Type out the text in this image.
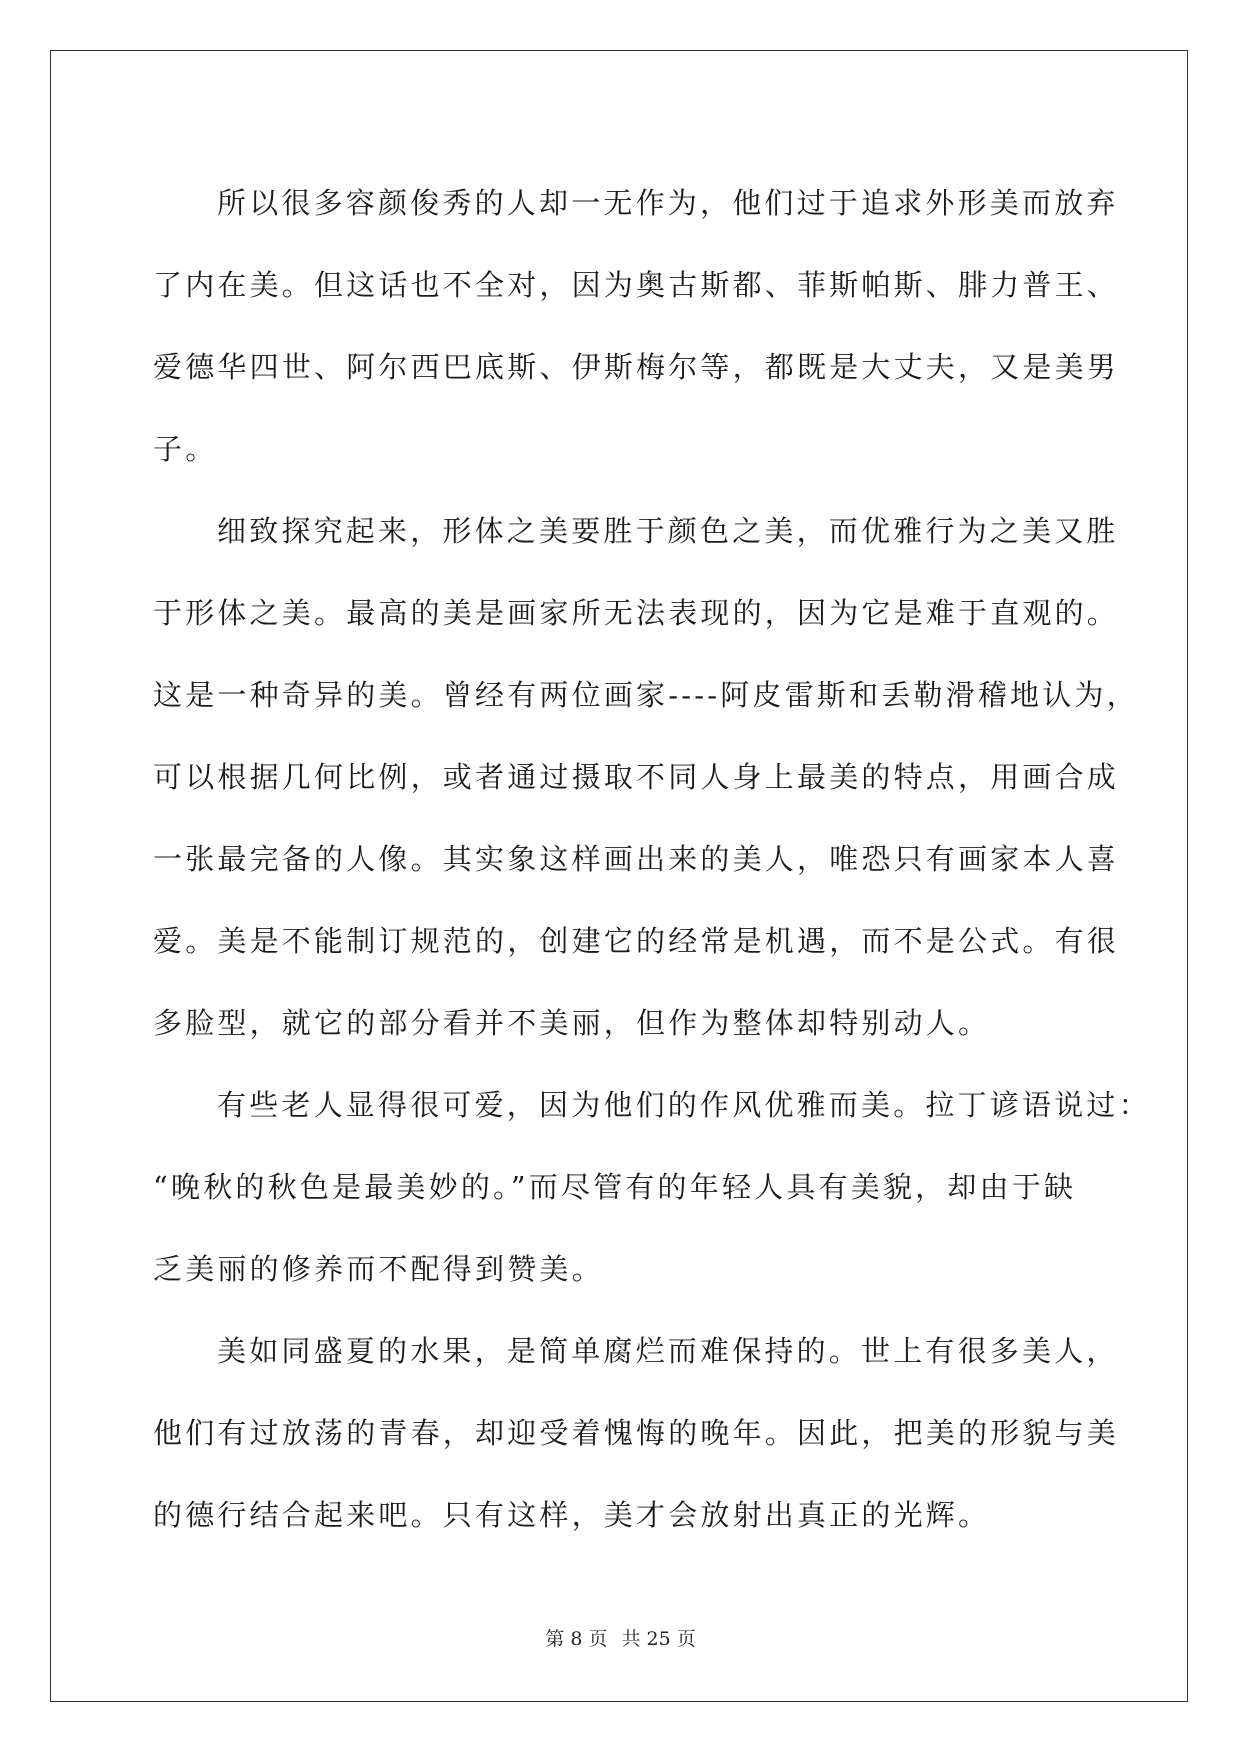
所以很多容颜俊秀的人却一无作为，他们过于追求外形美而放弃
了内在美。但这话也不全对，因为奥古斯都、菲斯帕斯、腓力普王、
爱德华四世、阿尔西巴底斯、伊斯梅尔等，都既是大丈夫，又是美男
子。
细致探究起来，形体之美要胜于颜色之美，而优雅行为之美又胜
于形体之美。最高的美是画家所无法表现的，因为它是难于直观的。
这是一种奇异的美。曾经有两位画家----阿皮雷斯和丢勒滑稽地认为，
可以根据几何比例，或者通过摄取不同人身上最美的特点，用画合成
一张最完备的人像。其实象这样画出来的美人，唯恐只有画家本人喜
爱。美是不能制订规范的，创建它的经常是机遇，而不是公式。有很
多脸型，就它的部分看并不美丽，但作为整体却特别动人。
有些老人显得很可爱，因为他们的作风优雅而美。拉丁谚语说过：
“晚秋的秋色是最美妙的。”而尽管有的年轻人具有美貌，却由于缺
乏美丽的修养而不配得到赞美。
美如同盛夏的水果，是简单腐烂而难保持的。世上有很多美人，
他们有过放荡的青春，却迎受着愧悔的晚年。因此，把美的形貌与美
的德行结合起来吧。只有这样，美才会放射出真正的光辉。
第 8 页 共 25 页
